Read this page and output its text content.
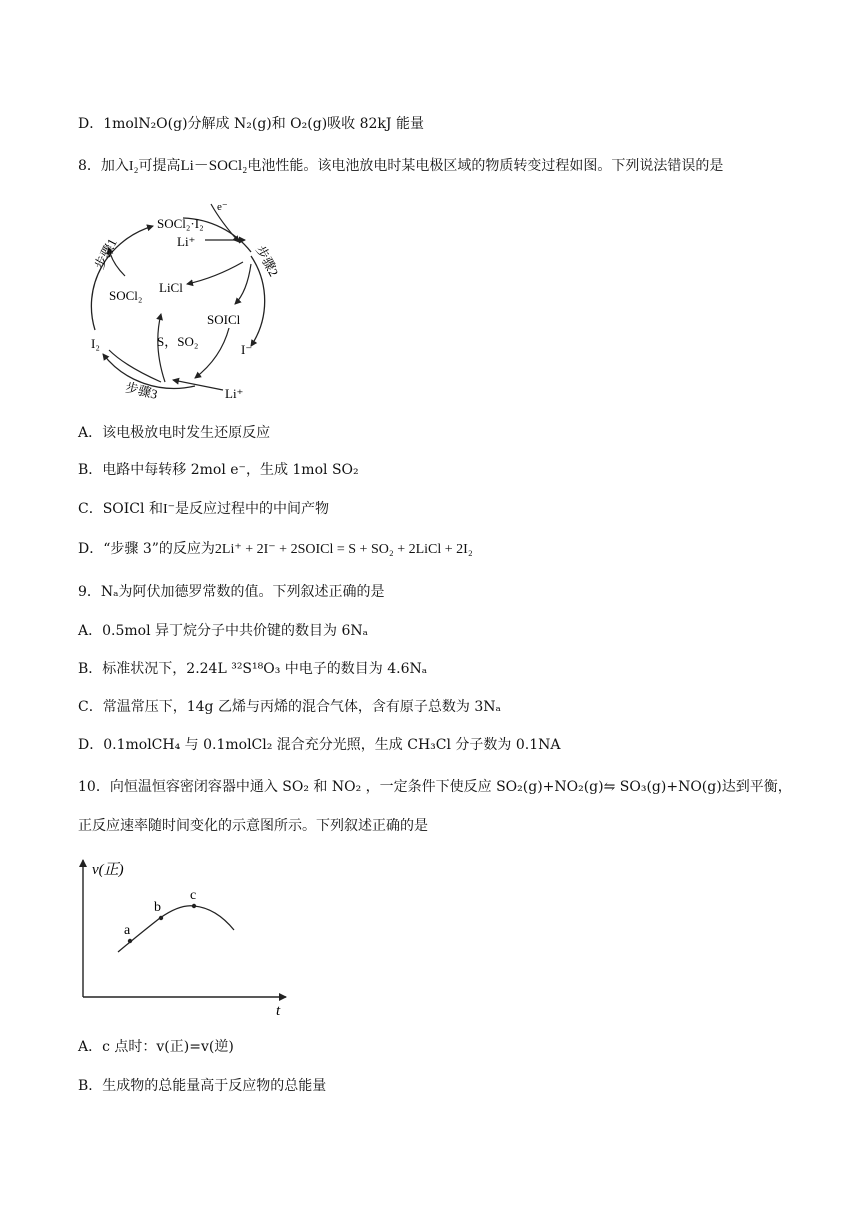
D．1molN₂O(g)分解成 N₂(g)和 O₂(g)吸收 82kJ 能量
8．加入I₂可提高Li－SOCl₂电池性能。该电池放电时某电极区域的物质转变过程如图。下列说法错误的是
SOCl₂·I₂
e⁻
Li⁺
LiCl
SOCl₂
SOICl
S，SO₂
I₂	I⁻
Li⁺
步骤1	步骤2
步骤3
A．该电极放电时发生还原反应
B．电路中每转移 2mol e⁻，生成 1mol SO₂
C．SOICl 和I⁻是反应过程中的中间产物
D．“步骤 3”的反应为2Li⁺ + 2I⁻ + 2SOICl = S + SO₂ + 2LiCl + 2I₂
9．Nₐ为阿伏加德罗常数的值。下列叙述正确的是
A．0.5mol 异丁烷分子中共价键的数目为 6Nₐ
B．标准状况下，2.24L ³²S¹⁸O₃ 中电子的数目为 4.6Nₐ
C．常温常压下，14g 乙烯与丙烯的混合气体，含有原子总数为 3Nₐ
D．0.1molCH₄ 与 0.1molCl₂ 混合充分光照，生成 CH₃Cl 分子数为 0.1NA
10．向恒温恒容密闭容器中通入 SO₂ 和 NO₂ ，一定条件下使反应 SO₂(g)+NO₂(g)⇋ SO₃(g)+NO(g)达到平衡，
正反应速率随时间变化的示意图所示。下列叙述正确的是
v(正)
t
a
b
c
A．c 点时：v(正)=v(逆)
B．生成物的总能量高于反应物的总能量
